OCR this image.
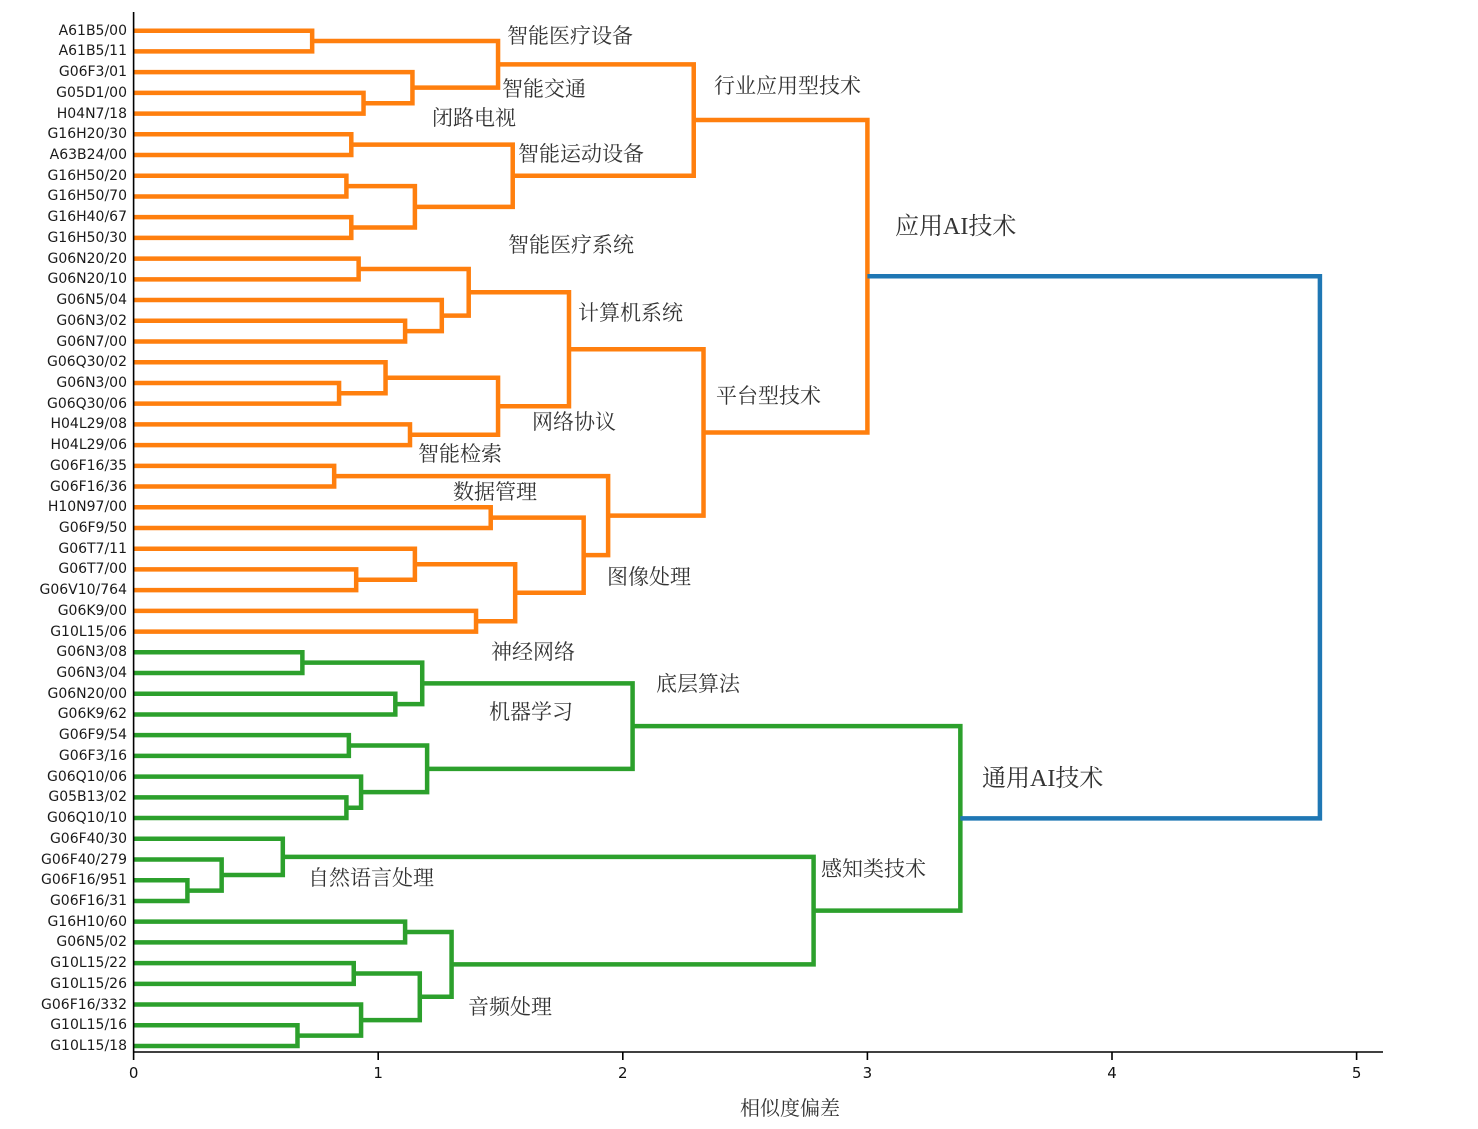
A61B5/00
A61B5/11
G06F3/01
G05D1/00
H04N7/18
G16H20/30
A63B24/00
G16H50/20
G16H50/70
G16H40/67
G16H50/30
G06N20/20
G06N20/10
G06N5/04
G06N3/02
G06N7/00
G06Q30/02
G06N3/00
G06Q30/06
H04L29/08
H04L29/06
G06F16/35
G06F16/36
H10N97/00
G06F9/50
G06T7/11
G06T7/00
G06V10/764
G06K9/00
G10L15/06
G06N3/08
G06N3/04
G06N20/00
G06K9/62
G06F9/54
G06F3/16
G06Q10/06
G05B13/02
G06Q10/10
G06F40/30
G06F40/279
G06F16/951
G06F16/31
G16H10/60
G06N5/02
G10L15/22
G10L15/26
G06F16/332
G10L15/16
G10L15/18
智能医疗设备
智能交通	行业应用型技术
闭路电视
智能运动设备
智能医疗系统
计算机系统
平台型技术
网络协议
应用AI技术
智能检索
数据管理
图像处理
神经网络
底层算法
机器学习
通用AI技术
自然语言处理	感知类技术
音频处理
0	1	2	3	4	5
相似度偏差
